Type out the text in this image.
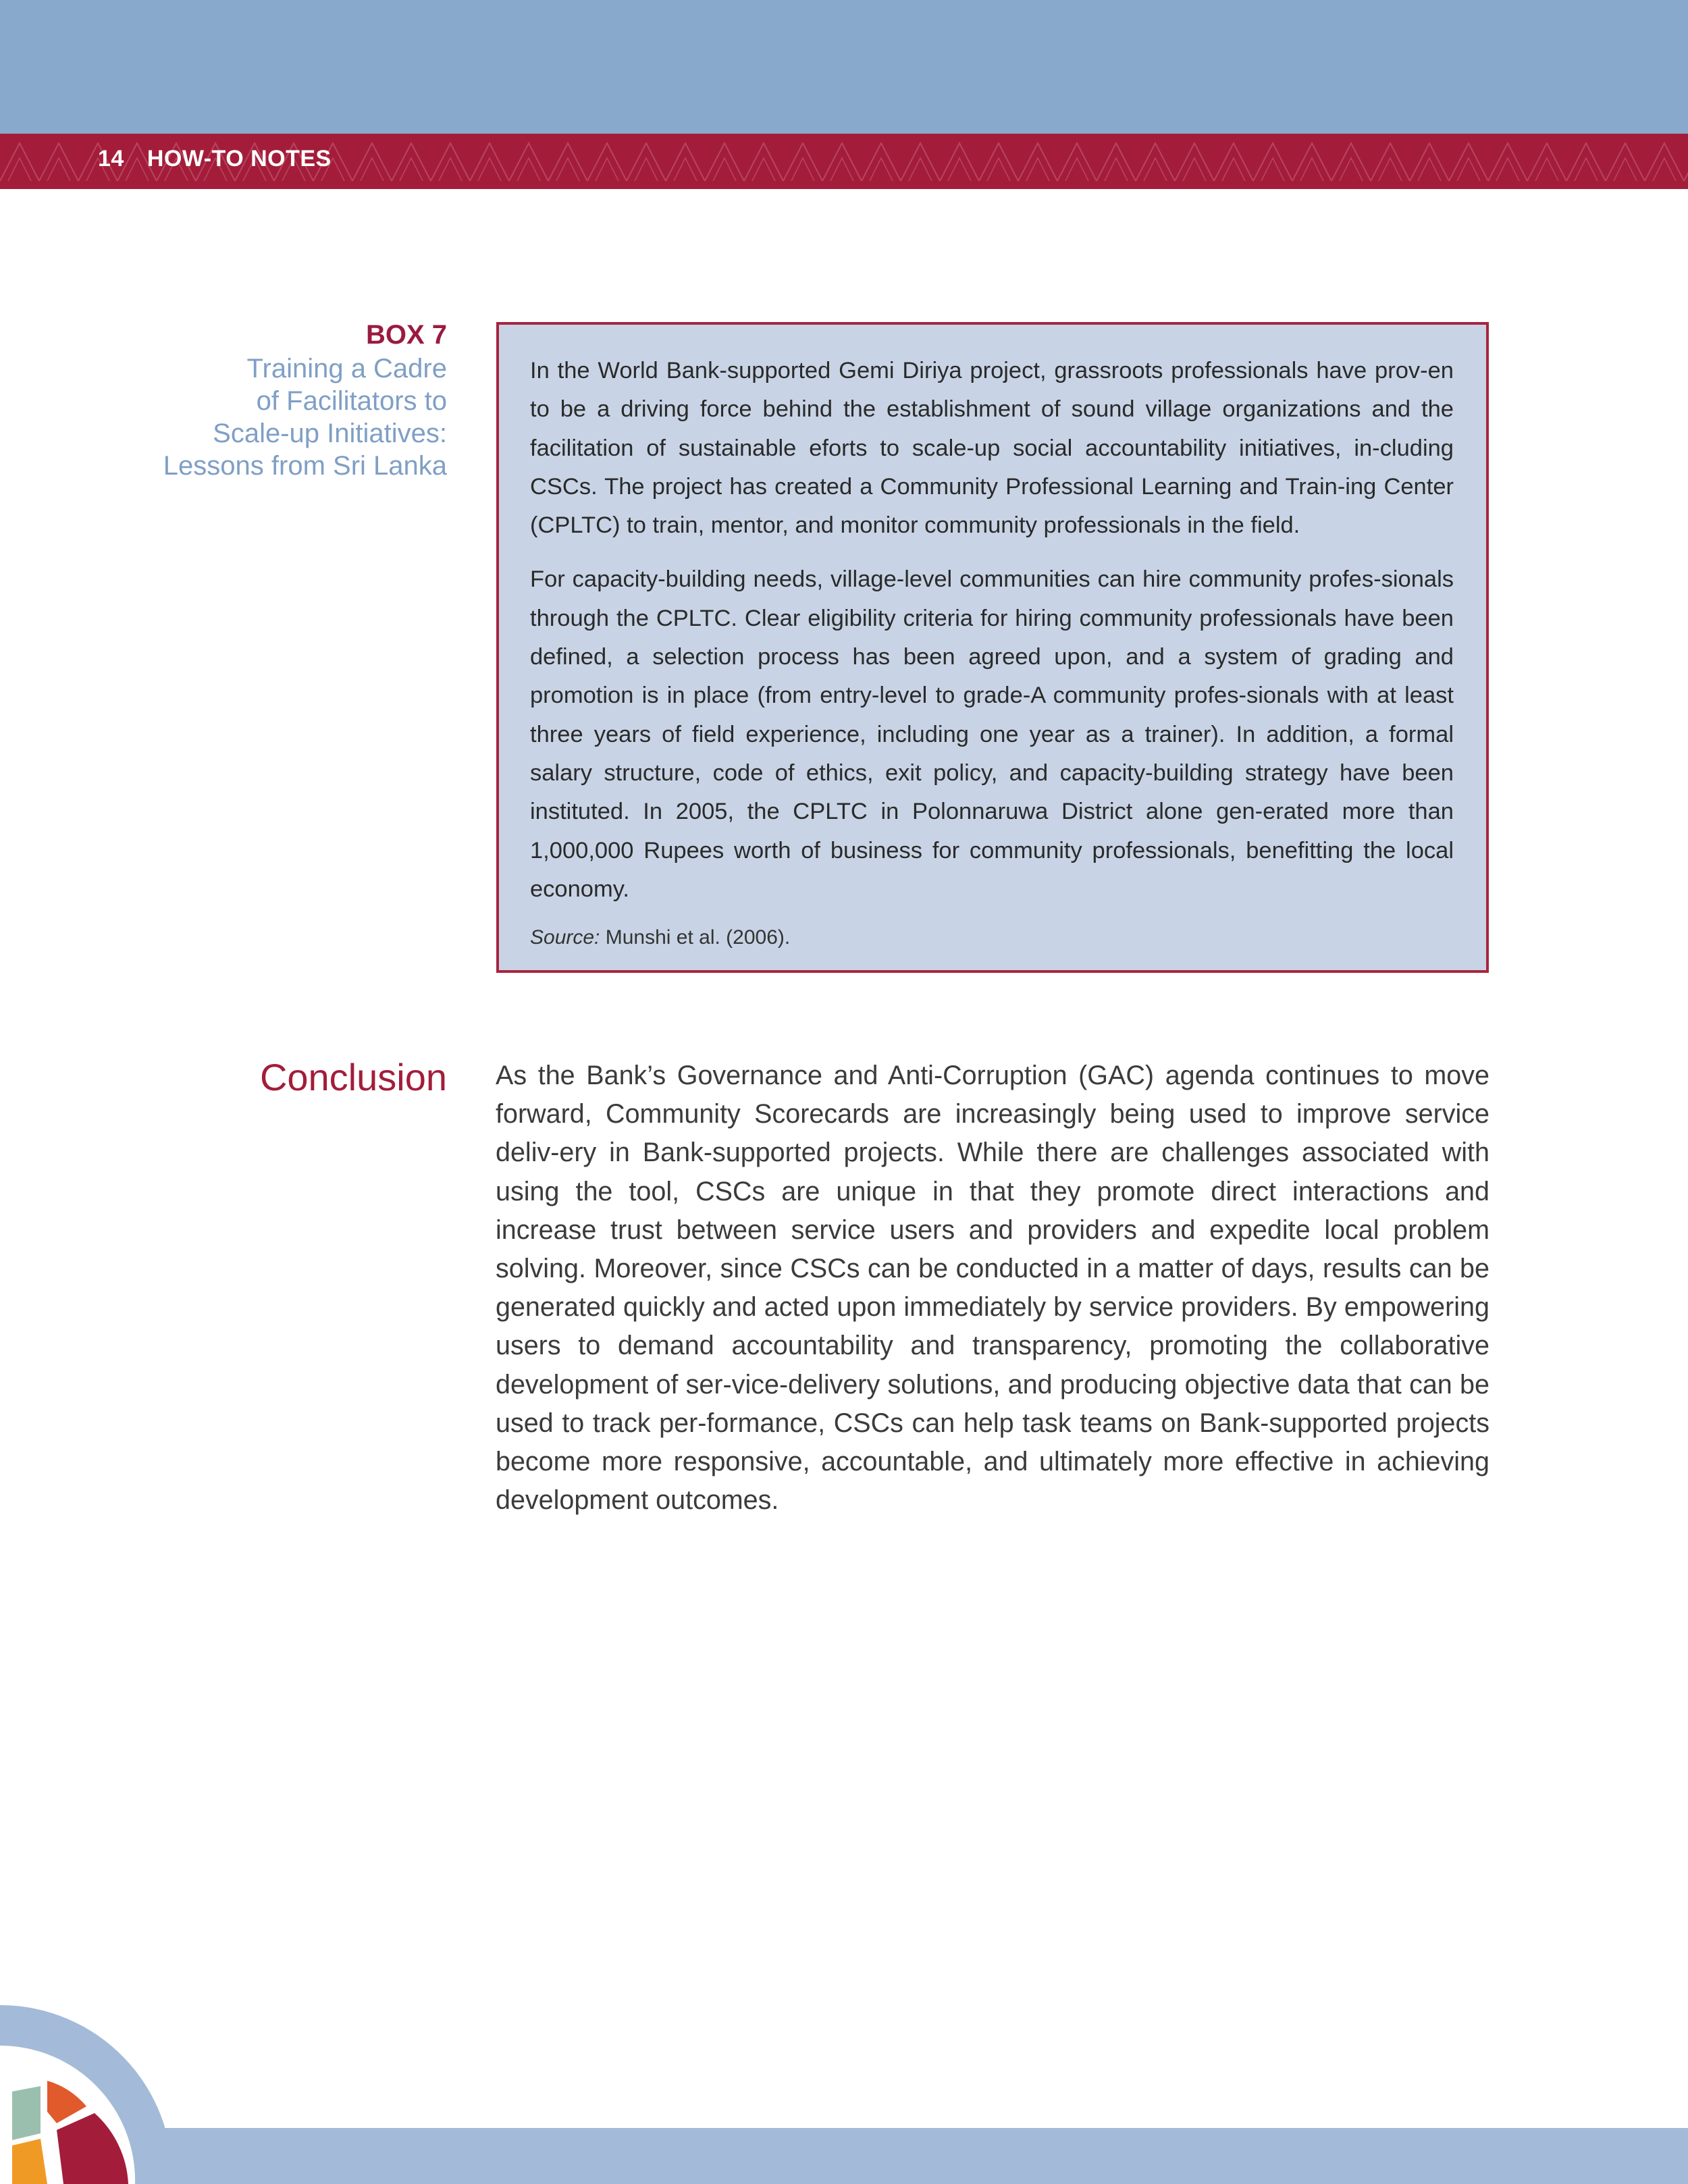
14 HOW-TO NOTES
BOX 7
Training a Cadre
of Facilitators to
Scale-up Initiatives:
Lessons from Sri Lanka

In the World Bank-supported Gemi Diriya project, grassroots professionals have prov-en to be a driving force behind the establishment of sound village organizations and the facilitation of sustainable eforts to scale-up social accountability initiatives, in-cluding CSCs. The project has created a Community Professional Learning and Train-ing Center (CPLTC) to train, mentor, and monitor community professionals in the field.

For capacity-building needs, village-level communities can hire community profes-sionals through the CPLTC. Clear eligibility criteria for hiring community professionals have been defined, a selection process has been agreed upon, and a system of grading and promotion is in place (from entry-level to grade-A community profes-sionals with at least three years of field experience, including one year as a trainer). In addition, a formal salary structure, code of ethics, exit policy, and capacity-building strategy have been instituted. In 2005, the CPLTC in Polonnaruwa District alone gen-erated more than 1,000,000 Rupees worth of business for community professionals, benefitting the local economy.

Source: Munshi et al. (2006).

Conclusion As the Bank’s Governance and Anti-Corruption (GAC) agenda continues to move forward, Community Scorecards are increasingly being used to improve service deliv-ery in Bank-supported projects. While there are challenges associated with using the tool, CSCs are unique in that they promote direct interactions and increase trust between service users and providers and expedite local problem solving. Moreover, since CSCs can be conducted in a matter of days, results can be generated quickly and acted upon immediately by service providers. By empowering users to demand accountability and transparency, promoting the collaborative development of ser-vice-delivery solutions, and producing objective data that can be used to track per-formance, CSCs can help task teams on Bank-supported projects become more responsive, accountable, and ultimately more effective in achieving development outcomes.
